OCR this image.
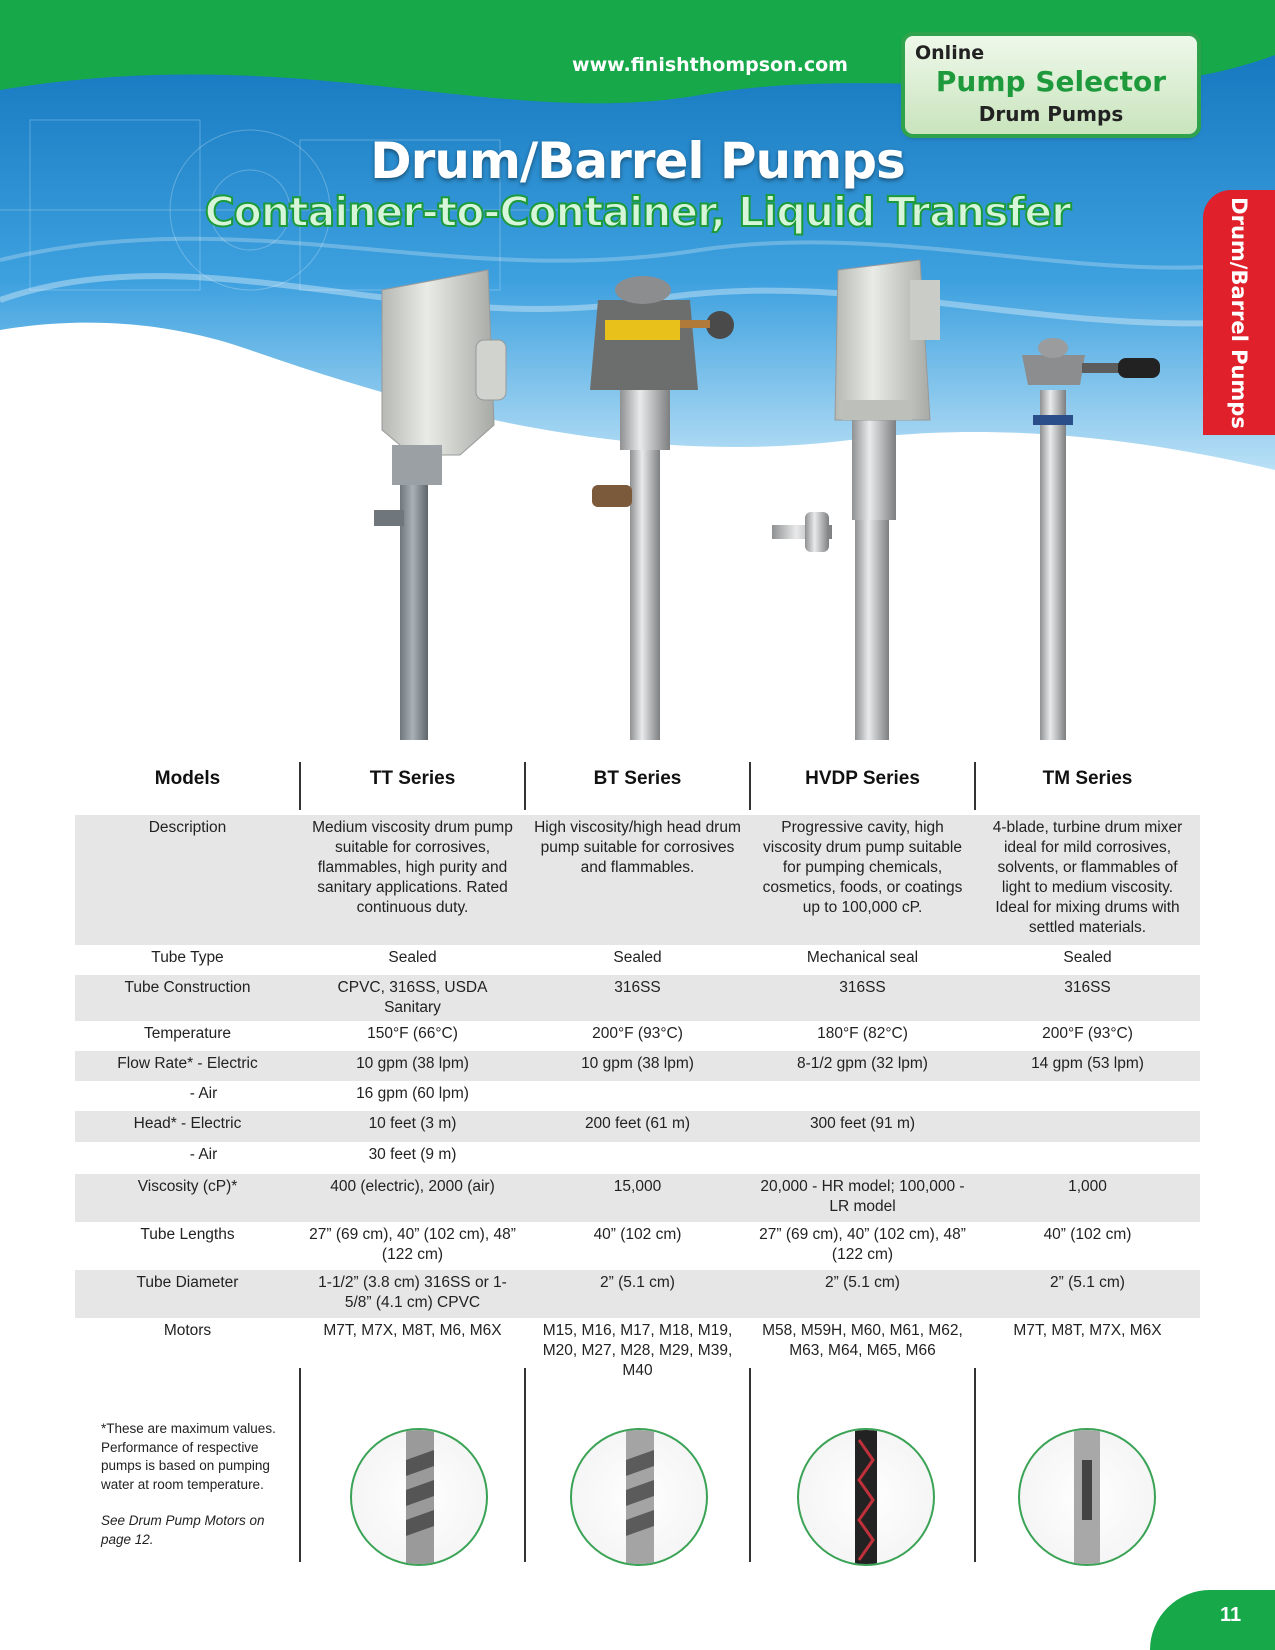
www.finishthompson.com
Online
Pump Selector
Drum Pumps
Drum/Barrel Pumps
Container-to-Container, Liquid Transfer	Drum/Barrel Pumps
Models	TT Series	BT Series	HVDP Series	TM Series
Description	Medium viscosity drum pump suitable for corrosives, flammables, high purity and sanitary applications. Rated continuous duty.	High viscosity/high head drum pump suitable for corrosives and flammables.	Progressive cavity, high viscosity drum pump suitable for pumping chemicals, cosmetics, foods, or coatings up to 100,000 cP.	4-blade, turbine drum mixer ideal for mild corrosives, solvents, or flammables of light to medium viscosity. Ideal for mixing drums with settled materials.
Tube Type	Sealed	Sealed	Mechanical seal	Sealed
Tube Construction	CPVC, 316SS, USDA Sanitary	316SS	316SS	316SS
Temperature	150°F (66°C)	200°F (93°C)	180°F (82°C)	200°F (93°C)
Flow Rate* - Electric	10 gpm (38 lpm)	10 gpm (38 lpm)	8-1/2 gpm (32 lpm)	14 gpm (53 lpm)
- Air	16 gpm (60 lpm)			
Head* - Electric	10 feet (3 m)	200 feet (61 m)	300 feet (91 m)	
- Air	30 feet (9 m)			
Viscosity (cP)*	400 (electric), 2000 (air)	15,000	20,000 - HR model; 100,000 - LR model	1,000
Tube Lengths	27” (69 cm), 40” (102 cm), 48” (122 cm)	40” (102 cm)	27” (69 cm), 40” (102 cm), 48” (122 cm)	40” (102 cm)
Tube Diameter	1-1/2” (3.8 cm) 316SS or 1-5/8” (4.1 cm) CPVC	2” (5.1 cm)	2” (5.1 cm)	2” (5.1 cm)
Motors	M7T, M7X, M8T, M6, M6X	M15, M16, M17, M18, M19, M20, M27, M28, M29, M39, M40	M58, M59H, M60, M61, M62, M63, M64, M65, M66	M7T, M8T, M7X, M6X
*These are maximum values. Performance of respective pumps is based on pumping water at room temperature.
See Drum Pump Motors on page 12.
11
